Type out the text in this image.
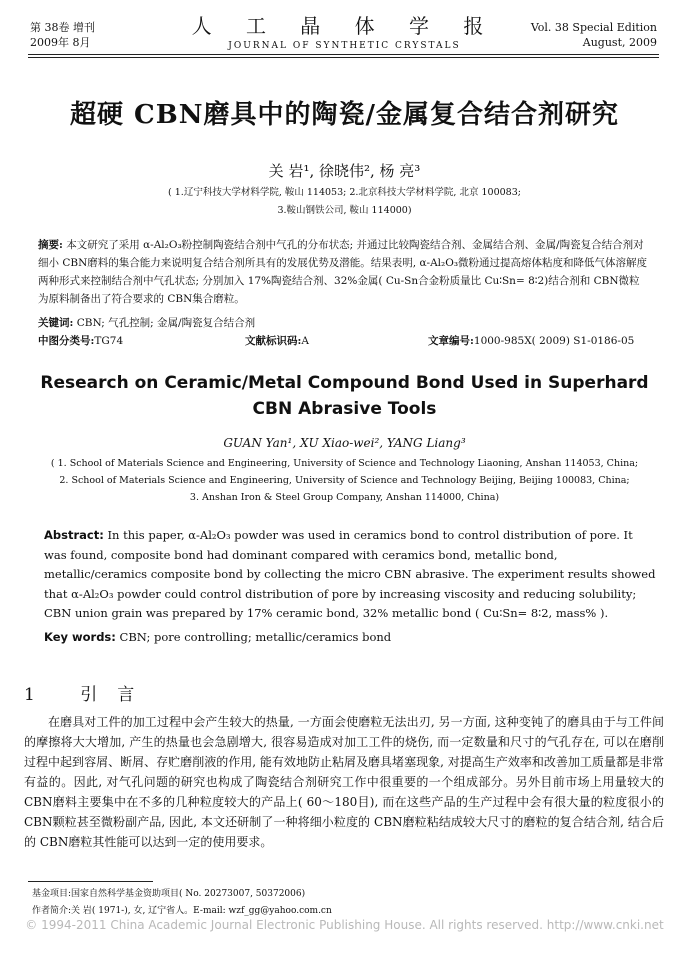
第 38卷 增刊
2009年 8月
人 工 晶 体 学 报
JOURNAL OF SYNTHETIC CRYSTALS
Vol. 38 Special Edition
August, 2009
超硬 CBN磨具中的陶瓷/金属复合结合剂研究
关 岩¹, 徐晓伟², 杨 亮³
( 1.辽宁科技大学材料学院, 鞍山 114053; 2.北京科技大学材料学院, 北京 100083;
3.鞍山钢铁公司, 鞍山 114000)
摘要: 本文研究了采用 α-Al₂O₃粉控制陶瓷结合剂中气孔的分布状态; 并通过比较陶瓷结合剂、金属结合剂、金属/陶瓷复合结合剂对细小 CBN磨料的集合能力来说明复合结合剂所具有的发展优势及潜能。结果表明, α-Al₂O₃微粉通过提高熔体粘度和降低气体溶解度两种形式来控制结合剂中气孔状态; 分别加入 17%陶瓷结合剂、32%金属( Cu-Sn合金粉质量比 Cu∶Sn= 8∶2)结合剂和 CBN微粒为原料制备出了符合要求的 CBN集合磨粒。
关键词: CBN; 气孔控制; 金属/陶瓷复合结合剂
中图分类号:TG74	文献标识码:A	文章编号:1000-985X( 2009) S1-0186-05
Research on Ceramic/Metal Compound Bond Used in Superhard
CBN Abrasive Tools
GUAN Yan¹, XU Xiao-wei², YANG Liang³
( 1. School of Materials Science and Engineering, University of Science and Technology Liaoning, Anshan 114053, China;
2. School of Materials Science and Engineering, University of Science and Technology Beijing, Beijing 100083, China;
3. Anshan Iron & Steel Group Company, Anshan 114000, China)
Abstract: In this paper, α-Al₂O₃ powder was used in ceramics bond to control distribution of pore. It was found, composite bond had dominant compared with ceramics bond, metallic bond, metallic/ceramics composite bond by collecting the micro CBN abrasive. The experiment results showed that α-Al₂O₃ powder could control distribution of pore by increasing viscosity and reducing solubility; CBN union grain was prepared by 17% ceramic bond, 32% metallic bond ( Cu∶Sn= 8∶2, mass% ).
Key words: CBN; pore controlling; metallic/ceramics bond
1 引言
在磨具对工件的加工过程中会产生较大的热量, 一方面会使磨粒无法出刃, 另一方面, 这种变钝了的磨具由于与工件间的摩擦将大大增加, 产生的热量也会急剧增大, 很容易造成对加工工件的烧伤, 而一定数量和尺寸的气孔存在, 可以在磨削过程中起到容屑、断屑、存贮磨削液的作用, 能有效地防止粘屑及磨具堵塞现象, 对提高生产效率和改善加工质量都是非常有益的。因此, 对气孔问题的研究也构成了陶瓷结合剂研究工作中很重要的一个组成部分。另外目前市场上用量较大的 CBN磨料主要集中在不多的几种粒度较大的产品上( 60～180目), 而在这些产品的生产过程中会有很大量的粒度很小的 CBN颗粒甚至微粉副产品, 因此, 本文还研制了一种将细小粒度的 CBN磨粒粘结成较大尺寸的磨粒的复合结合剂, 结合后的 CBN磨粒其性能可以达到一定的使用要求。
基金项目:国家自然科学基金资助项目( No. 20273007, 50372006)
作者简介:关 岩( 1971-), 女, 辽宁省人。E-mail: wzf_gg@yahoo.com.cn
© 1994-2011 China Academic Journal Electronic Publishing House. All rights reserved. http://www.cnki.net
